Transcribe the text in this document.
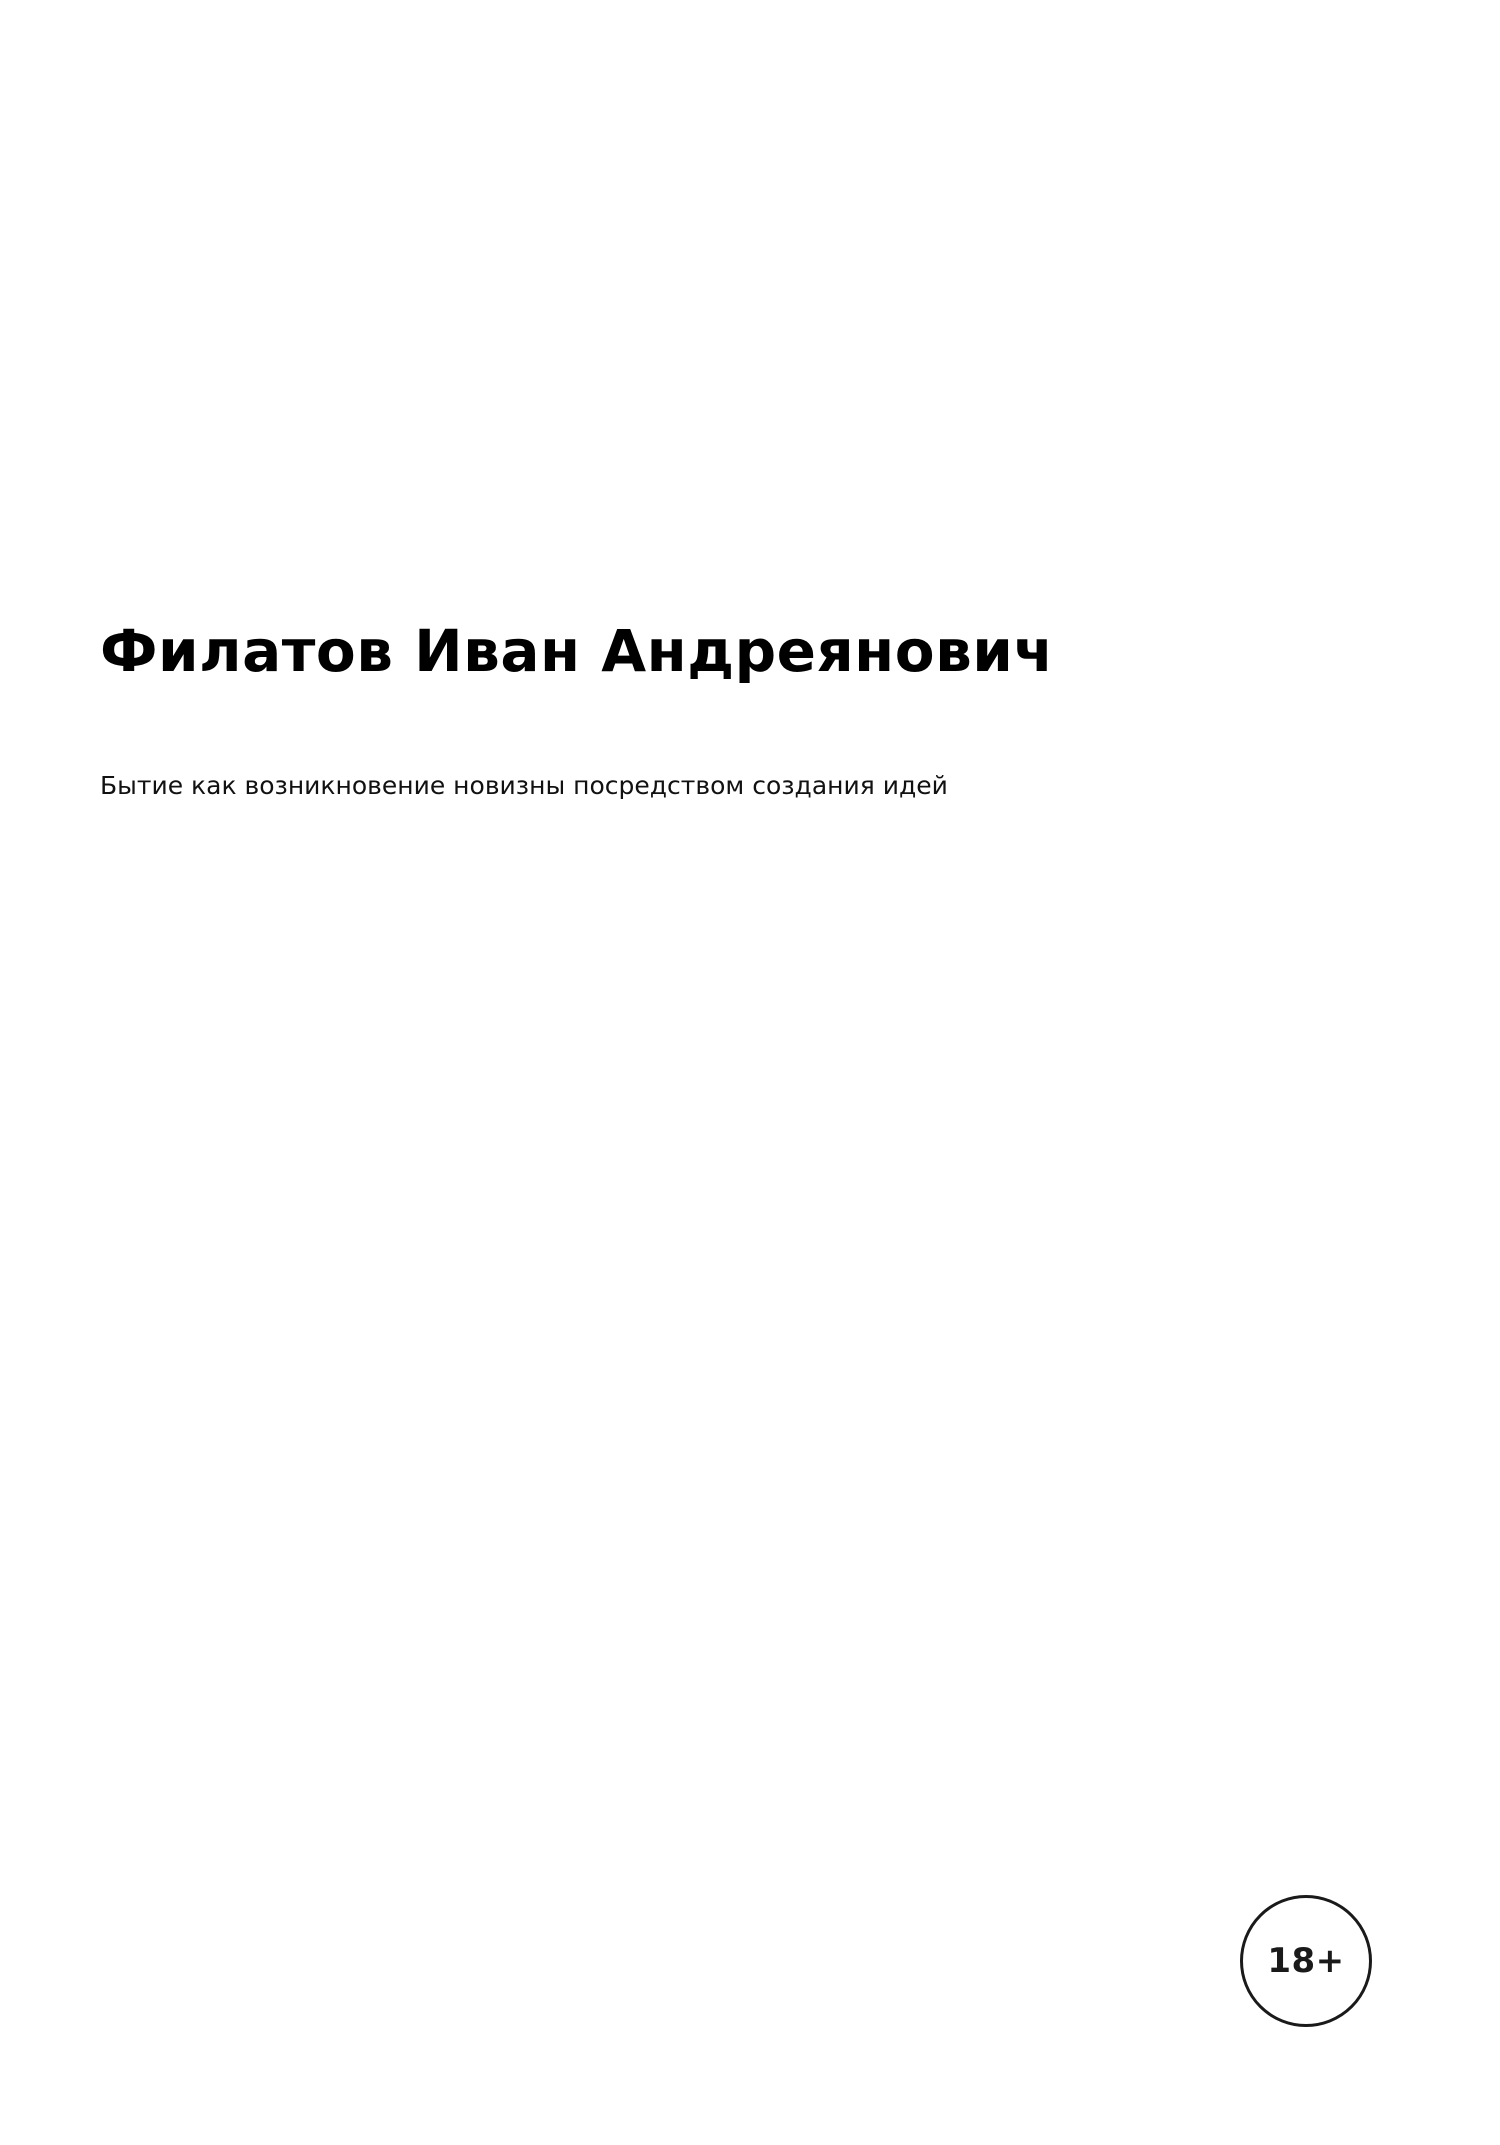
Филатов Иван Андреянович
Бытие как возникновение новизны посредством создания идей
18+
